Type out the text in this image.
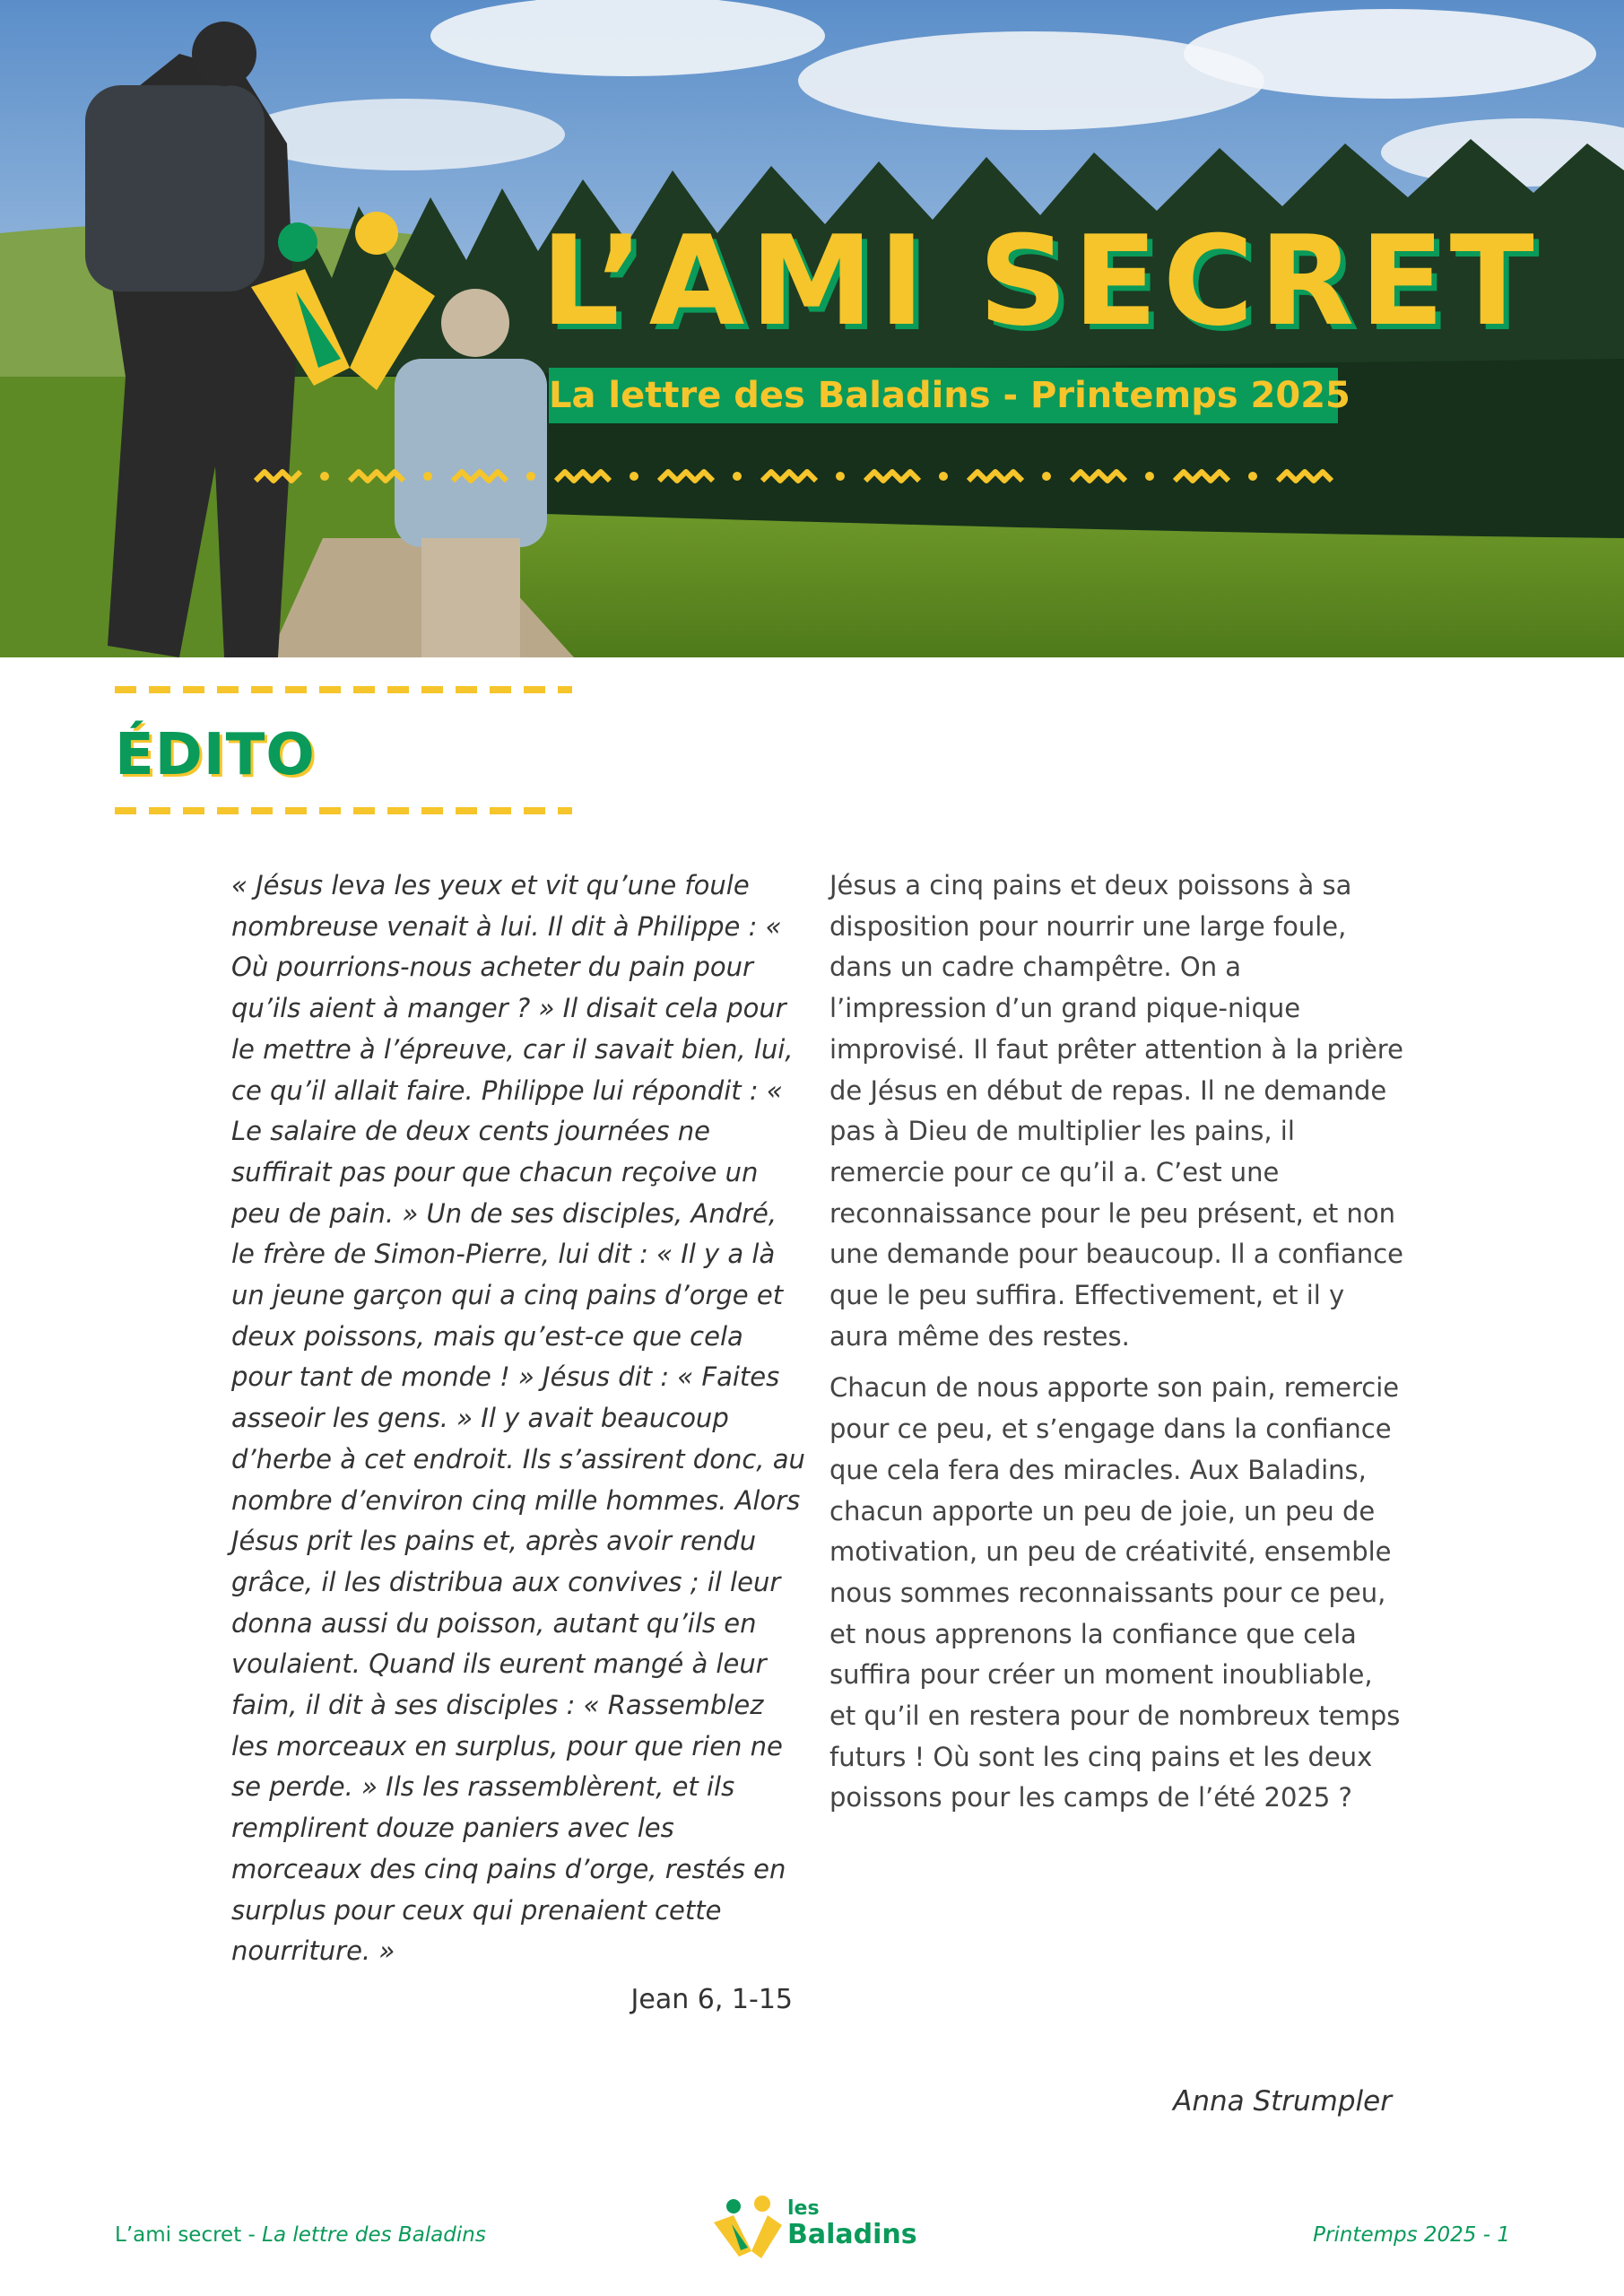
L’AMI SECRET
La lettre des Baladins - Printemps 2025
ÉDITO
« Jésus leva les yeux et vit qu’une foule nombreuse venait à lui. Il dit à Philippe : « Où pourrions-nous acheter du pain pour qu’ils aient à manger ? » Il disait cela pour le mettre à l’épreuve, car il savait bien, lui, ce qu’il allait faire. Philippe lui répondit : « Le salaire de deux cents journées ne suffirait pas pour que chacun reçoive un peu de pain. » Un de ses disciples, André, le frère de Simon-Pierre, lui dit : « Il y a là un jeune garçon qui a cinq pains d’orge et deux poissons, mais qu’est-ce que cela pour tant de monde ! » Jésus dit : « Faites asseoir les gens. » Il y avait beaucoup d’herbe à cet endroit. Ils s’assirent donc, au nombre d’environ cinq mille hommes. Alors Jésus prit les pains et, après avoir rendu grâce, il les distribua aux convives ; il leur donna aussi du poisson, autant qu’ils en voulaient. Quand ils eurent mangé à leur faim, il dit à ses disciples : « Rassemblez les morceaux en surplus, pour que rien ne se perde. » Ils les rassemblèrent, et ils remplirent douze paniers avec les morceaux des cinq pains d’orge, restés en surplus pour ceux qui prenaient cette nourriture. »
Jean 6, 1-15

Jésus a cinq pains et deux poissons à sa disposition pour nourrir une large foule, dans un cadre champêtre. On a l’impression d’un grand pique-nique improvisé. Il faut prêter attention à la prière de Jésus en début de repas. Il ne demande pas à Dieu de multiplier les pains, il remercie pour ce qu’il a. C’est une reconnaissance pour le peu présent, et non une demande pour beaucoup. Il a confiance que le peu suffira. Effectivement, et il y aura même des restes.

Chacun de nous apporte son pain, remercie pour ce peu, et s’engage dans la confiance que cela fera des miracles. Aux Baladins, chacun apporte un peu de joie, un peu de motivation, un peu de créativité, ensemble nous sommes reconnaissants pour ce peu, et nous apprenons la confiance que cela suffira pour créer un moment inoubliable, et qu’il en restera pour de nombreux temps futurs ! Où sont les cinq pains et les deux poissons pour les camps de l’été 2025 ?

Anna Strumpler
L’ami secret - La lettre des Baladins
les
Baladins	Printemps 2025 - 1
